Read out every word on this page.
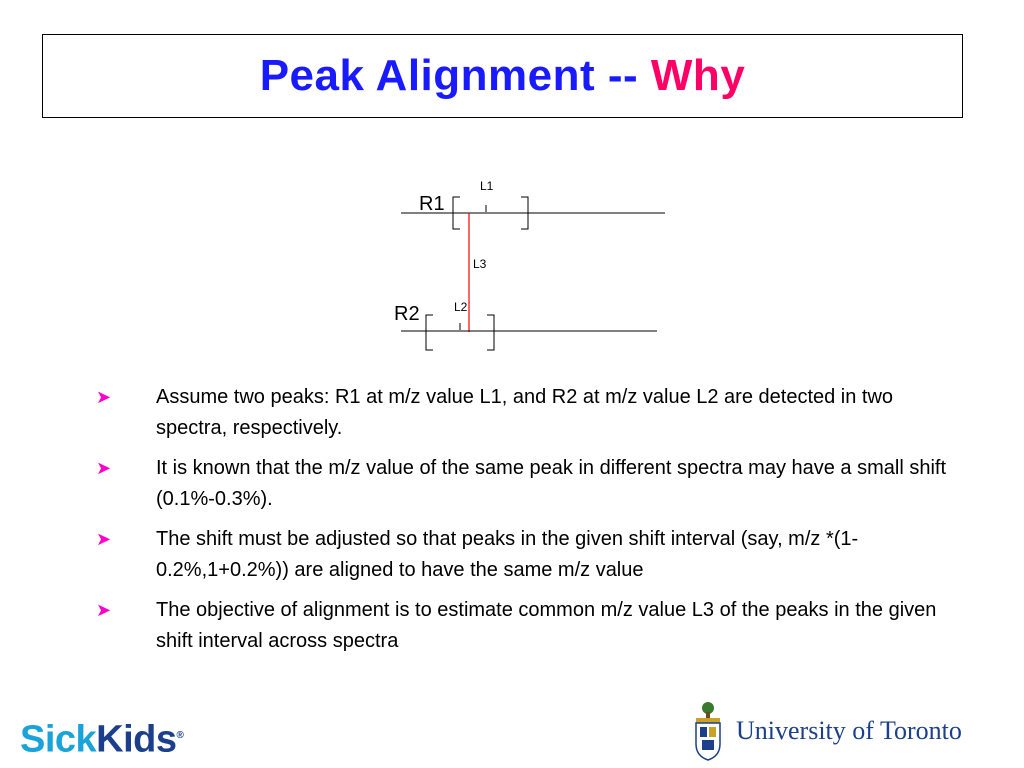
Peak Alignment -- Why
R1
R2
L1
L2
L3
➤ Assume two peaks: R1 at m/z value L1, and R2 at m/z value L2 are detected in two spectra, respectively.
➤ It is known that the m/z value of the same peak in different spectra may have a small shift (0.1%-0.3%).
➤ The shift must be adjusted so that peaks in the given shift interval (say, m/z *(1-0.2%,1+0.2%)) are aligned to have the same m/z value
➤ The objective of alignment is to estimate common m/z value L3 of the peaks in the given shift interval across spectra
SickKids®	University of Toronto
